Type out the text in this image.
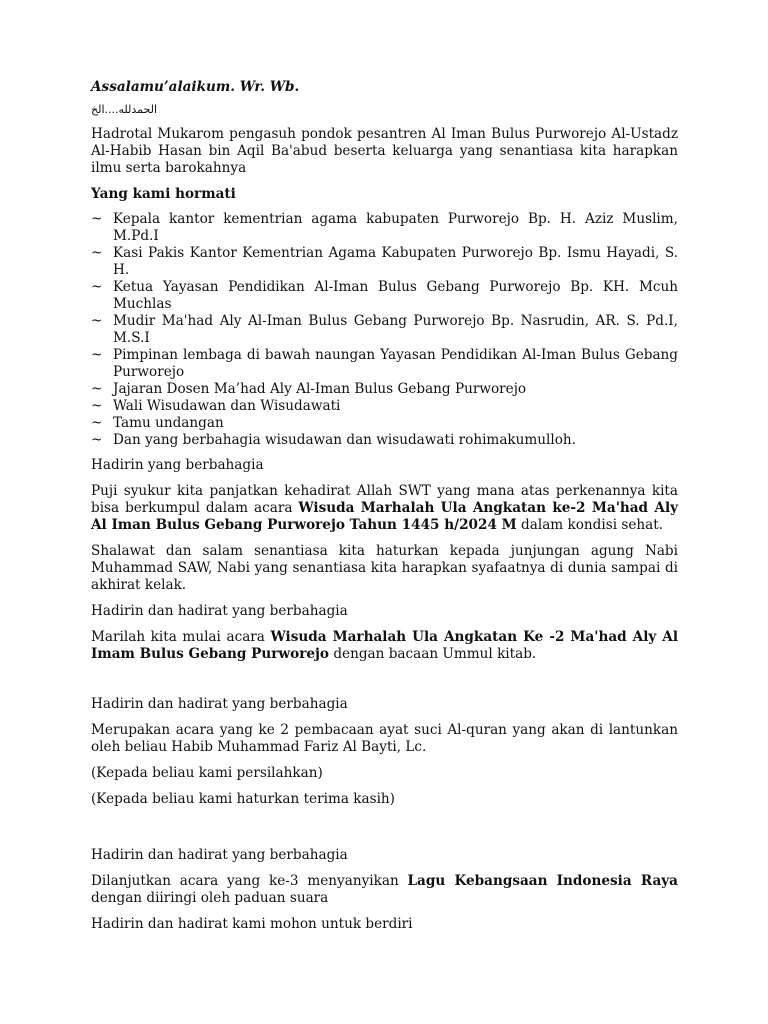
Assalamu’alaikum. Wr. Wb.

الحمدلله....الخ

Hadrotal Mukarom pengasuh pondok pesantren Al Iman Bulus Purworejo Al-Ustadz Al-Habib Hasan bin Aqil Ba'abud beserta keluarga yang senantiasa kita harapkan ilmu serta barokahnya

Yang kami hormati

~ Kepala kantor kementrian agama kabupaten Purworejo Bp. H. Aziz Muslim, M.Pd.I
~ Kasi Pakis Kantor Kementrian Agama Kabupaten Purworejo Bp. Ismu Hayadi, S. H.
~ Ketua Yayasan Pendidikan Al-Iman Bulus Gebang Purworejo Bp. KH. Mcuh Muchlas
~ Mudir Ma'had Aly Al-Iman Bulus Gebang Purworejo Bp. Nasrudin, AR. S. Pd.I, M.S.I
~ Pimpinan lembaga di bawah naungan Yayasan Pendidikan Al-Iman Bulus Gebang Purworejo
~ Jajaran Dosen Ma’had Aly Al-Iman Bulus Gebang Purworejo
~ Wali Wisudawan dan Wisudawati
~ Tamu undangan
~ Dan yang berbahagia wisudawan dan wisudawati rohimakumulloh.

Hadirin yang berbahagia

Puji syukur kita panjatkan kehadirat Allah SWT yang mana atas perkenannya kita bisa berkumpul dalam acara Wisuda Marhalah Ula Angkatan ke-2 Ma'had Aly Al Iman Bulus Gebang Purworejo Tahun 1445 h/2024 M dalam kondisi sehat.

Shalawat dan salam senantiasa kita haturkan kepada junjungan agung Nabi Muhammad SAW, Nabi yang senantiasa kita harapkan syafaatnya di dunia sampai di akhirat kelak.

Hadirin dan hadirat yang berbahagia

Marilah kita mulai acara Wisuda Marhalah Ula Angkatan Ke -2 Ma'had Aly Al Imam Bulus Gebang Purworejo dengan bacaan Ummul kitab.

Hadirin dan hadirat yang berbahagia

Merupakan acara yang ke 2 pembacaan ayat suci Al-quran yang akan di lantunkan oleh beliau Habib Muhammad Fariz Al Bayti, Lc.

(Kepada beliau kami persilahkan)

(Kepada beliau kami haturkan terima kasih)

Hadirin dan hadirat yang berbahagia

Dilanjutkan acara yang ke-3 menyanyikan Lagu Kebangsaan Indonesia Raya dengan diiringi oleh paduan suara

Hadirin dan hadirat kami mohon untuk berdiri
